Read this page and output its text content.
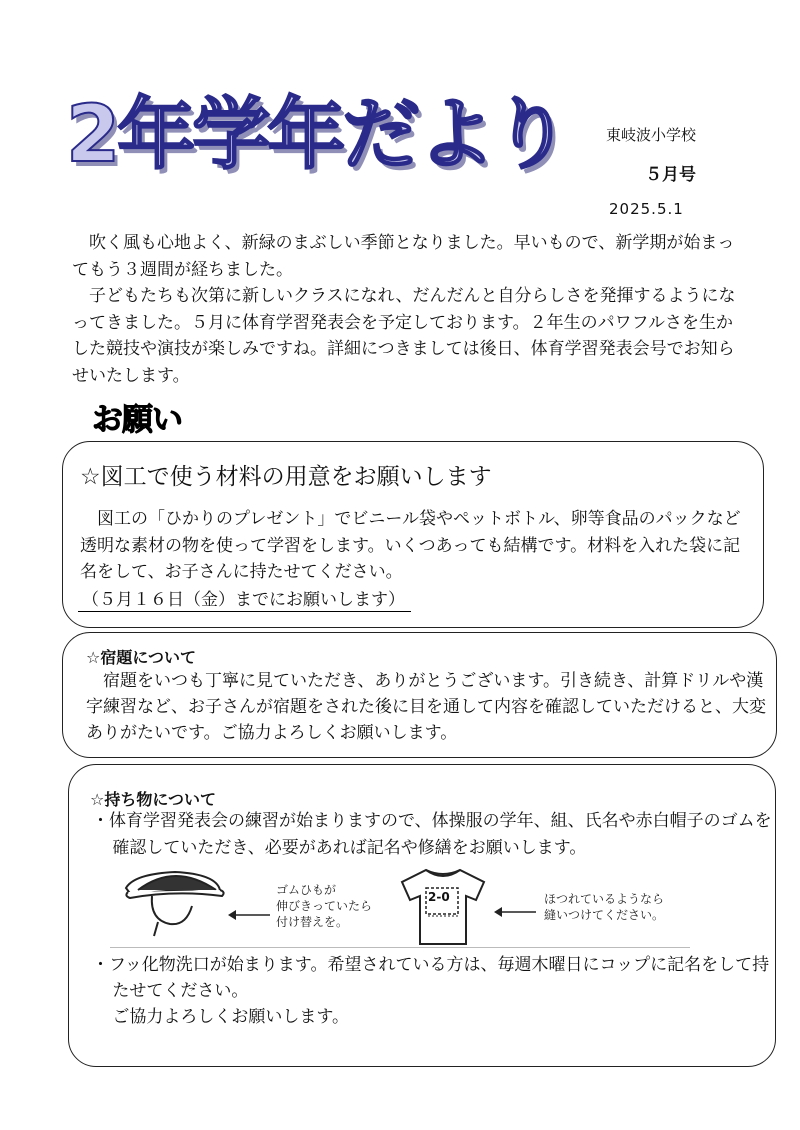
2年学年だより	東岐波小学校
５月号
2025.5.1

吹く風も心地よく、新緑のまぶしい季節となりました。早いもので、新学期が始まってもう３週間が経ちました。

子どもたちも次第に新しいクラスになれ、だんだんと自分らしさを発揮するようになってきました。５月に体育学習発表会を予定しております。２年生のパワフルさを生かした競技や演技が楽しみですね。詳細につきましては後日、体育学習発表会号でお知らせいたします。

お願い
☆図工で使う材料の用意をお願いします

図工の「ひかりのプレゼント」でビニール袋やペットボトル、卵等食品のパックなど透明な素材の物を使って学習をします。いくつあっても結構です。材料を入れた袋に記名をして、お子さんに持たせてください。

（５月１６日（金）までにお願いします）
☆宿題について

宿題をいつも丁寧に見ていただき、ありがとうございます。引き続き、計算ドリルや漢字練習など、お子さんが宿題をされた後に目を通して内容を確認していただけると、大変ありがたいです。ご協力よろしくお願いします。

☆持ち物について

・体育学習発表会の練習が始まりますので、体操服の学年、組、氏名や赤白帽子のゴムを確認していただき、必要があれば記名や修繕をお願いします。

ゴムひもが
伸びきっていたら
付け替えを。
2-0	ほつれているようなら
縫いつけてください。

・フッ化物洗口が始まります。希望されている方は、毎週木曜日にコップに記名をして持たせてください。

ご協力よろしくお願いします。
